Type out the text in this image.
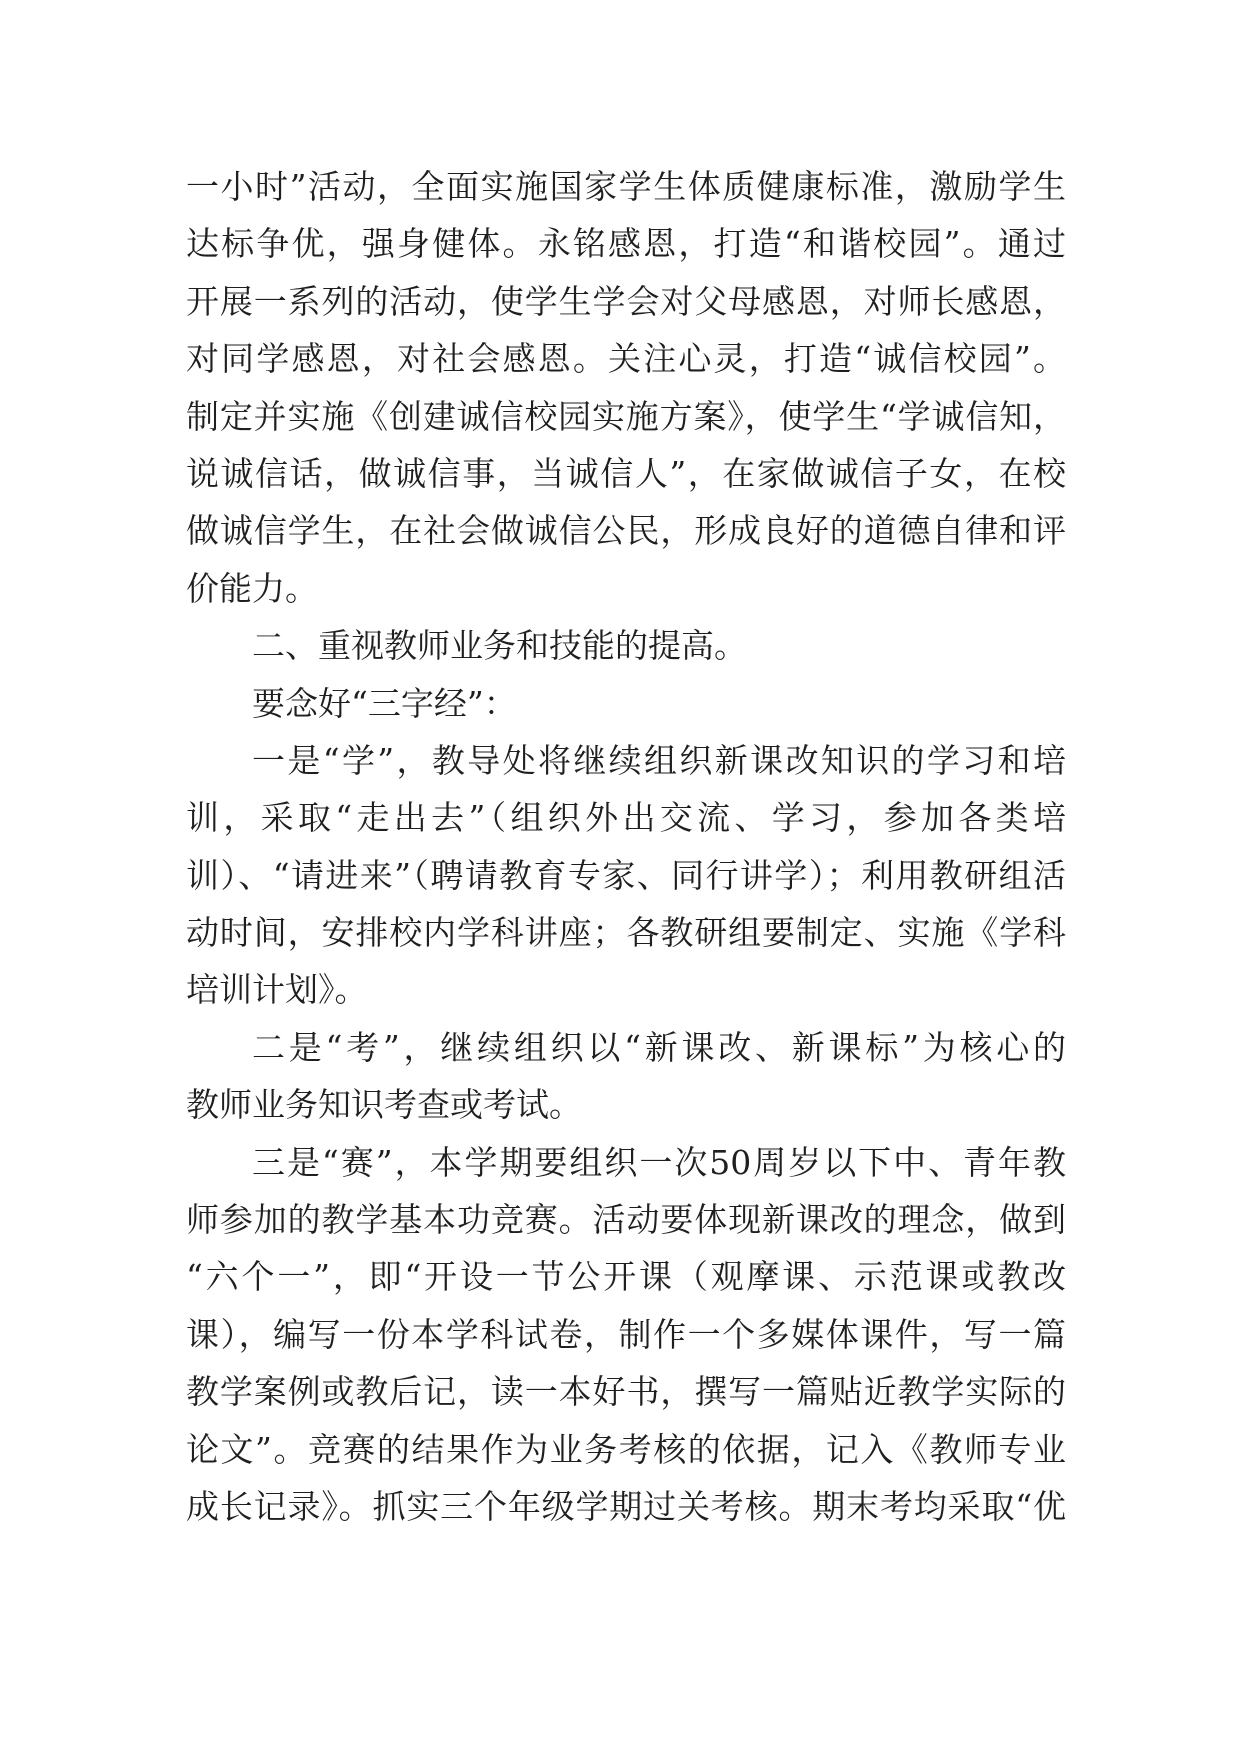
一小时”活动，全面实施国家学生体质健康标准，激励学生
达标争优，强身健体。永铭感恩，打造“和谐校园”。通过
开展一系列的活动，使学生学会对父母感恩，对师长感恩，
对同学感恩，对社会感恩。关注心灵，打造“诚信校园”。
制定并实施《创建诚信校园实施方案》，使学生“学诚信知，
说诚信话，做诚信事，当诚信人”，在家做诚信子女，在校
做诚信学生，在社会做诚信公民，形成良好的道德自律和评
价能力。
二、重视教师业务和技能的提高。
要念好“三字经”：
一是“学”，教导处将继续组织新课改知识的学习和培
训，采取“走出去”（组织外出交流、学习，参加各类培
训）、“请进来”（聘请教育专家、同行讲学）；利用教研组活
动时间，安排校内学科讲座；各教研组要制定、实施《学科
培训计划》。
二是“考”，继续组织以“新课改、新课标”为核心的
教师业务知识考查或考试。
三是“赛”，本学期要组织一次50周岁以下中、青年教
师参加的教学基本功竞赛。活动要体现新课改的理念，做到
“六个一”，即“开设一节公开课（观摩课、示范课或教改
课），编写一份本学科试卷，制作一个多媒体课件，写一篇
教学案例或教后记，读一本好书，撰写一篇贴近教学实际的
论文”。竞赛的结果作为业务考核的依据，记入《教师专业
成长记录》。抓实三个年级学期过关考核。期末考均采取“优
